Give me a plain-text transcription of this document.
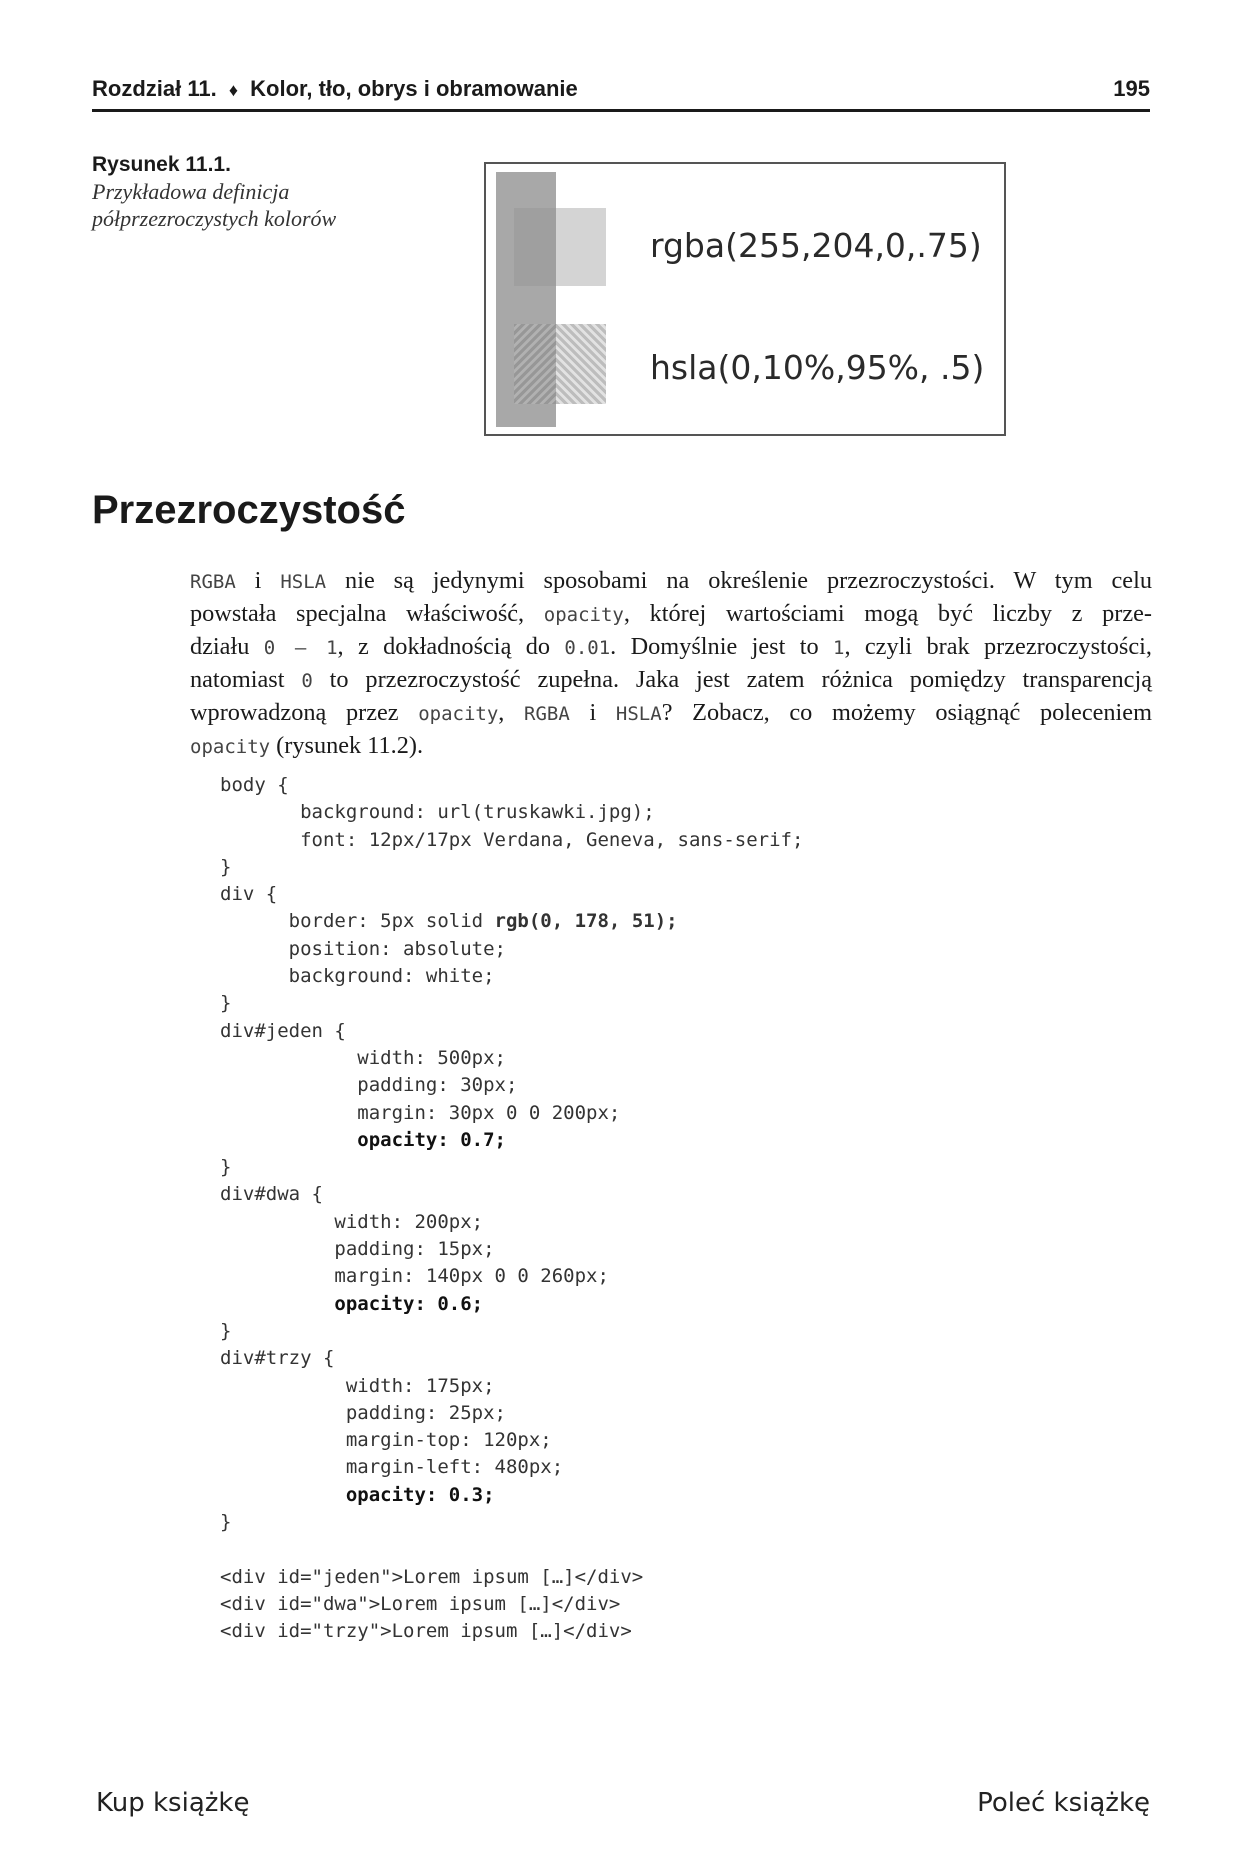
Rozdział 11. ♦ Kolor, tło, obrys i obramowanie	195
Rysunek 11.1.
Przykładowa definicja półprzezroczystych kolorów
rgba(255,204,0,.75)
hsla(0,10%,95%, .5)
Przezroczystość
RGBA i HSLA nie są jedynymi sposobami na określenie przezroczystości. W tym celu
powstała specjalna właściwość, opacity, której wartościami mogą być liczby z prze-
działu 0 – 1, z dokładnością do 0.01. Domyślnie jest to 1, czyli brak przezroczystości,
natomiast 0 to przezroczystość zupełna. Jaka jest zatem różnica pomiędzy transparencją
wprowadzoną przez opacity, RGBA i HSLA? Zobacz, co możemy osiągnąć poleceniem
opacity (rysunek 11.2).
body {
background: url(truskawki.jpg);
font: 12px/17px Verdana, Geneva, sans-serif;
}
div {
border: 5px solid rgb(0, 178, 51);
position: absolute;
background: white;
}
div#jeden {
width: 500px;
padding: 30px;
margin: 30px 0 0 200px;
opacity: 0.7;
}
div#dwa {
width: 200px;
padding: 15px;
margin: 140px 0 0 260px;
opacity: 0.6;
}
div#trzy {
width: 175px;
padding: 25px;
margin-top: 120px;
margin-left: 480px;
opacity: 0.3;
}
<div id="jeden">Lorem ipsum […]</div>
<div id="dwa">Lorem ipsum […]</div>
<div id="trzy">Lorem ipsum […]</div>
Kup książkę	Poleć książkę
